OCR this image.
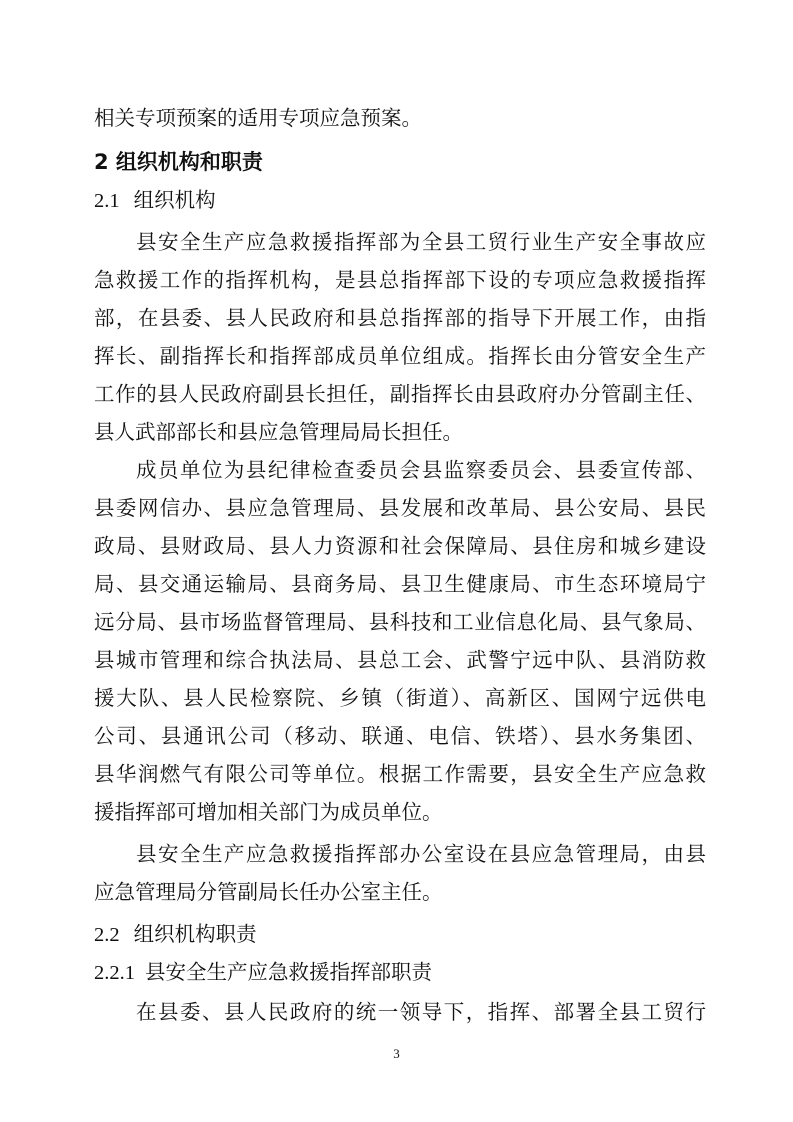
相关专项预案的适用专项应急预案。
2 组织机构和职责
2.1 组织机构
县安全生产应急救援指挥部为全县工贸行业生产安全事故应
急救援工作的指挥机构，是县总指挥部下设的专项应急救援指挥
部，在县委、县人民政府和县总指挥部的指导下开展工作，由指
挥长、副指挥长和指挥部成员单位组成。指挥长由分管安全生产
工作的县人民政府副县长担任，副指挥长由县政府办分管副主任、
县人武部部长和县应急管理局局长担任。
成员单位为县纪律检查委员会县监察委员会、县委宣传部、
县委网信办、县应急管理局、县发展和改革局、县公安局、县民
政局、县财政局、县人力资源和社会保障局、县住房和城乡建设
局、县交通运输局、县商务局、县卫生健康局、市生态环境局宁
远分局、县市场监督管理局、县科技和工业信息化局、县气象局、
县城市管理和综合执法局、县总工会、武警宁远中队、县消防救
援大队、县人民检察院、乡镇（街道）、高新区、国网宁远供电
公司、县通讯公司（移动、联通、电信、铁塔）、县水务集团、
县华润燃气有限公司等单位。根据工作需要，县安全生产应急救
援指挥部可增加相关部门为成员单位。
县安全生产应急救援指挥部办公室设在县应急管理局，由县
应急管理局分管副局长任办公室主任。
2.2 组织机构职责
2.2.1 县安全生产应急救援指挥部职责
在县委、县人民政府的统一领导下，指挥、部署全县工贸行
3
